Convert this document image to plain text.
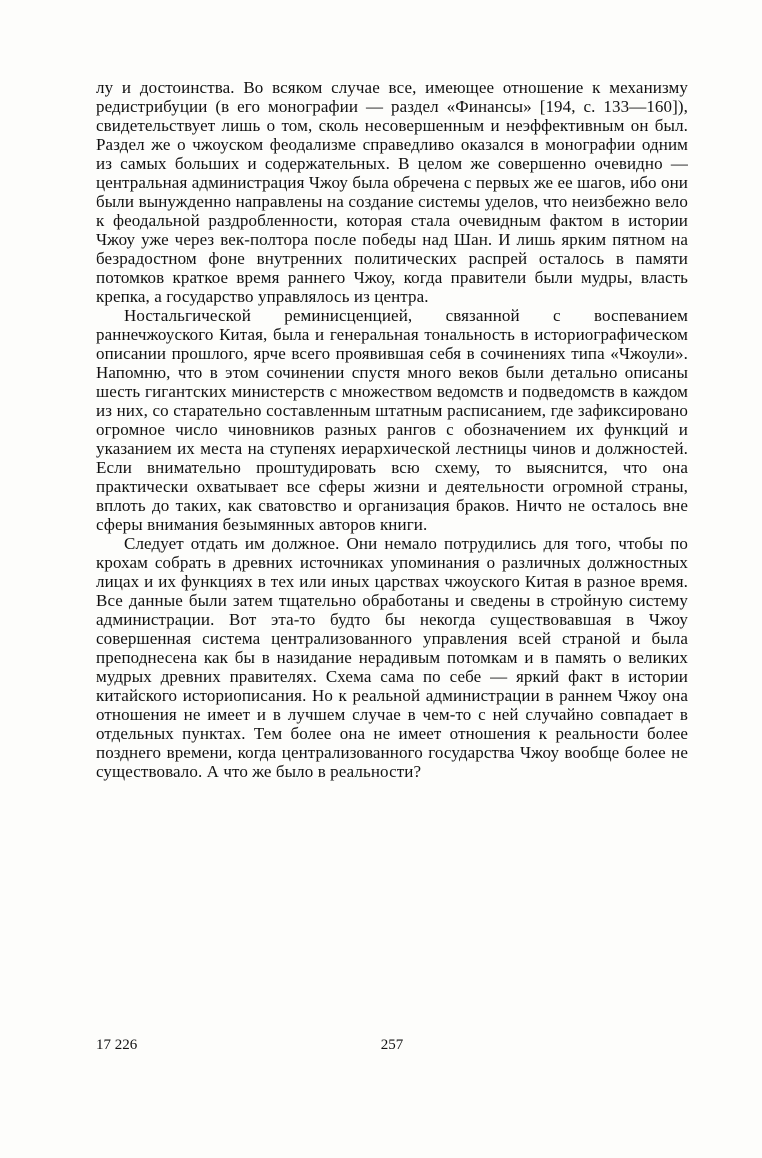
лу и достоинства. Во всяком случае все, имеющее отношение к механизму редистрибуции (в его монографии — раздел «Финансы» [194, с. 133—160]), свидетельствует лишь о том, сколь несовершенным и неэффективным он был. Раздел же о чжоуском феодализме справедливо оказался в монографии одним из самых больших и содержательных. В целом же совершенно очевидно — центральная администрация Чжоу была обречена с первых же ее шагов, ибо они были вынужденно направлены на создание системы уделов, что неизбежно вело к феодальной раздробленности, которая стала очевидным фактом в истории Чжоу уже через век-полтора после победы над Шан. И лишь ярким пятном на безрадостном фоне внутренних политических распрей осталось в памяти потомков краткое время раннего Чжоу, когда правители были мудры, власть крепка, а государство управлялось из центра.

Ностальгической реминисценцией, связанной с воспеванием раннечжоуского Китая, была и генеральная тональность в историографическом описании прошлого, ярче всего проявившая себя в сочинениях типа «Чжоули». Напомню, что в этом сочинении спустя много веков были детально описаны шесть гигантских министерств с множеством ведомств и подведомств в каждом из них, со старательно составленным штатным расписанием, где зафиксировано огромное число чиновников разных рангов с обозначением их функций и указанием их места на ступенях иерархической лестницы чинов и должностей. Если внимательно проштудировать всю схему, то выяснится, что она практически охватывает все сферы жизни и деятельности огромной страны, вплоть до таких, как сватовство и организация браков. Ничто не осталось вне сферы внимания безымянных авторов книги.

Следует отдать им должное. Они немало потрудились для того, чтобы по крохам собрать в древних источниках упоминания о различных должностных лицах и их функциях в тех или иных царствах чжоуского Китая в разное время. Все данные были затем тщательно обработаны и сведены в стройную систему администрации. Вот эта-то будто бы некогда существовавшая в Чжоу совершенная система централизованного управления всей страной и была преподнесена как бы в назидание нерадивым потомкам и в память о великих мудрых древних правителях. Схема сама по себе — яркий факт в истории китайского историописания. Но к реальной администрации в раннем Чжоу она отношения не имеет и в лучшем случае в чем-то с ней случайно совпадает в отдельных пунктах. Тем более она не имеет отношения к реальности более позднего времени, когда централизованного государства Чжоу вообще более не существовало. А что же было в реальности?

17 226	257
